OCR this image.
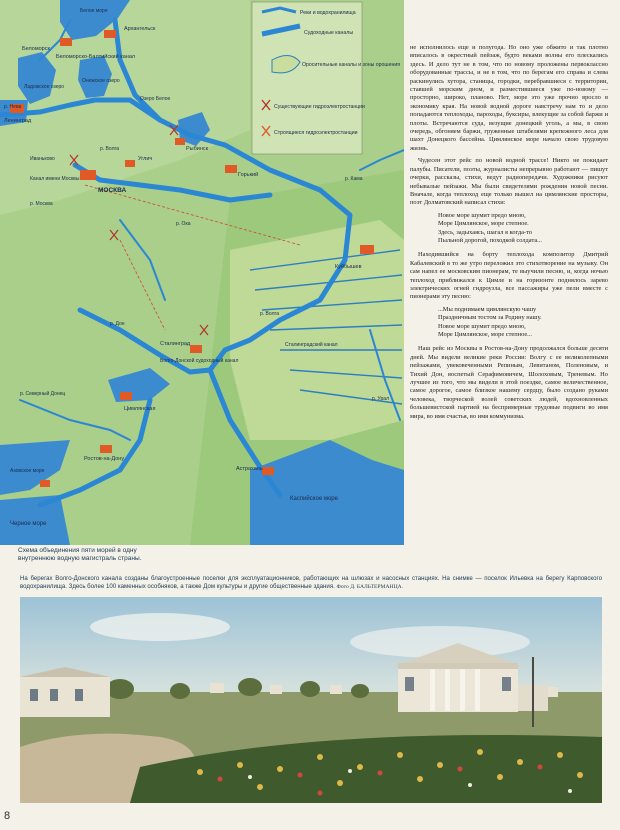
Реки и водохранилища
Судоходные каналы
Оросительные каналы и зоны орошения
Существующие гидроэлектростанции
Строящиеся гидроэлектростанции
Беломорск
Беломорско-Балтийский канал
Архангельск
Белое море
Ладожское озеро
Онежское озеро
Ленинград
р. Нева
Озеро Белое
Рыбинск
р. Волга
Углич
Горький
Иваньково
Канал имени Москвы
МОСКВА
р. Москва
р. Ока
р. Кама
Куйбышев
р. Волга
р. Дон
Сталинград
Волго-Донской судоходный канал
Сталинградский канал
Цимлянская
р. Северный Донец
р. Урал
Ростов-на-Дону
Азовское море	Астрахань
Каспийское море
Черное море
Схема объединения пяти морей в одну внутреннюю водную магистраль страны.

не исполнилось еще и полугода. Но оно уже обжито и так плотно вписалось в окрестный пейзаж, будто веками волны его плескались здесь. И дело тут не в том, что по новому проложены первоклассно оборудованные трассы, и не в том, что по берегам его справа и слева раскинулись хутора, станицы, городки, перебравшиеся с территории, ставшей морским дном, и разместившиеся уже по-новому — просторно, широко, планово. Нет, море это уже прочно вросло в экономику края. На новой водной дороге навстречу нам то и дело попадаются теплоходы, пароходы, буксиры, влекущие за собой баржи и плоты. Встречаются суда, везущие донецкий уголь, а мы, в свою очередь, обгоняем баржи, груженные штабелями крепежного леса для шахт Донецкого бассейна. Цимлянское море начало свою трудовую жизнь.

Чудесен этот рейс по новой водной трассе! Никто не покидает палубы. Писатели, поэты, журналисты непрерывно работают — пишут очерки, рассказы, стихи, ведут радиопередачи. Художники рисуют небывалые пейзажи. Мы были свидетелями рождения новой песни. Вначале, когда теплоход еще только вышел на цимлянские просторы, поэт Долматовский написал стихи:

Новое море шумит предо мною,
Море Цимлянское, море степное.
Здесь, задыхаясь, шагал я когда-то
Пыльной дорогой, походкой солдата...

Находившийся на борту теплохода композитор Дмитрий Кабалевский в то же утро переложил это стихотворение на музыку. Он сам напел ее московским пионерам, те выучили песню, и, когда ночью теплоход приближался к Цимле и на горизонте поднялось зарево электрических огней гидроузла, все пассажиры уже пели вместе с пионерами эту песню:

...Мы поднимаем цимлянскую чашу
Праздничным тостом за Родину нашу.
Новое море шумит предо мною,
Море Цимлянское, море степное...

Наш рейс из Москвы в Ростов-на-Дону продолжался больше десяти дней. Мы видели великие реки России: Волгу с ее великолепными пейзажами, увековеченными Репиным, Левитаном, Поленовым, и Тихий Дон, воспетый Серафимовичем, Шолоховым, Треневым. Но лучшее из того, что мы видели в этой поездке, самое величественное, самое дорогое, самое близкое нашему сердцу, было создано руками человека, творческой волей советских людей, вдохновленных большевистской партией на беспримерные трудовые подвиги во имя мира, во имя счастья, во имя коммунизма.

На берегах Волго-Донского канала созданы благоустроенные поселки для эксплуатационников, работающих на шлюзах и насосных станциях. На снимке — поселок Ильевка на берегу Карповского водохранилища. Здесь более 100 каменных особняков, а также Дом культуры и другие общественные здания. Фото Д. БАЛЬТЕРМАНЦА.
8
